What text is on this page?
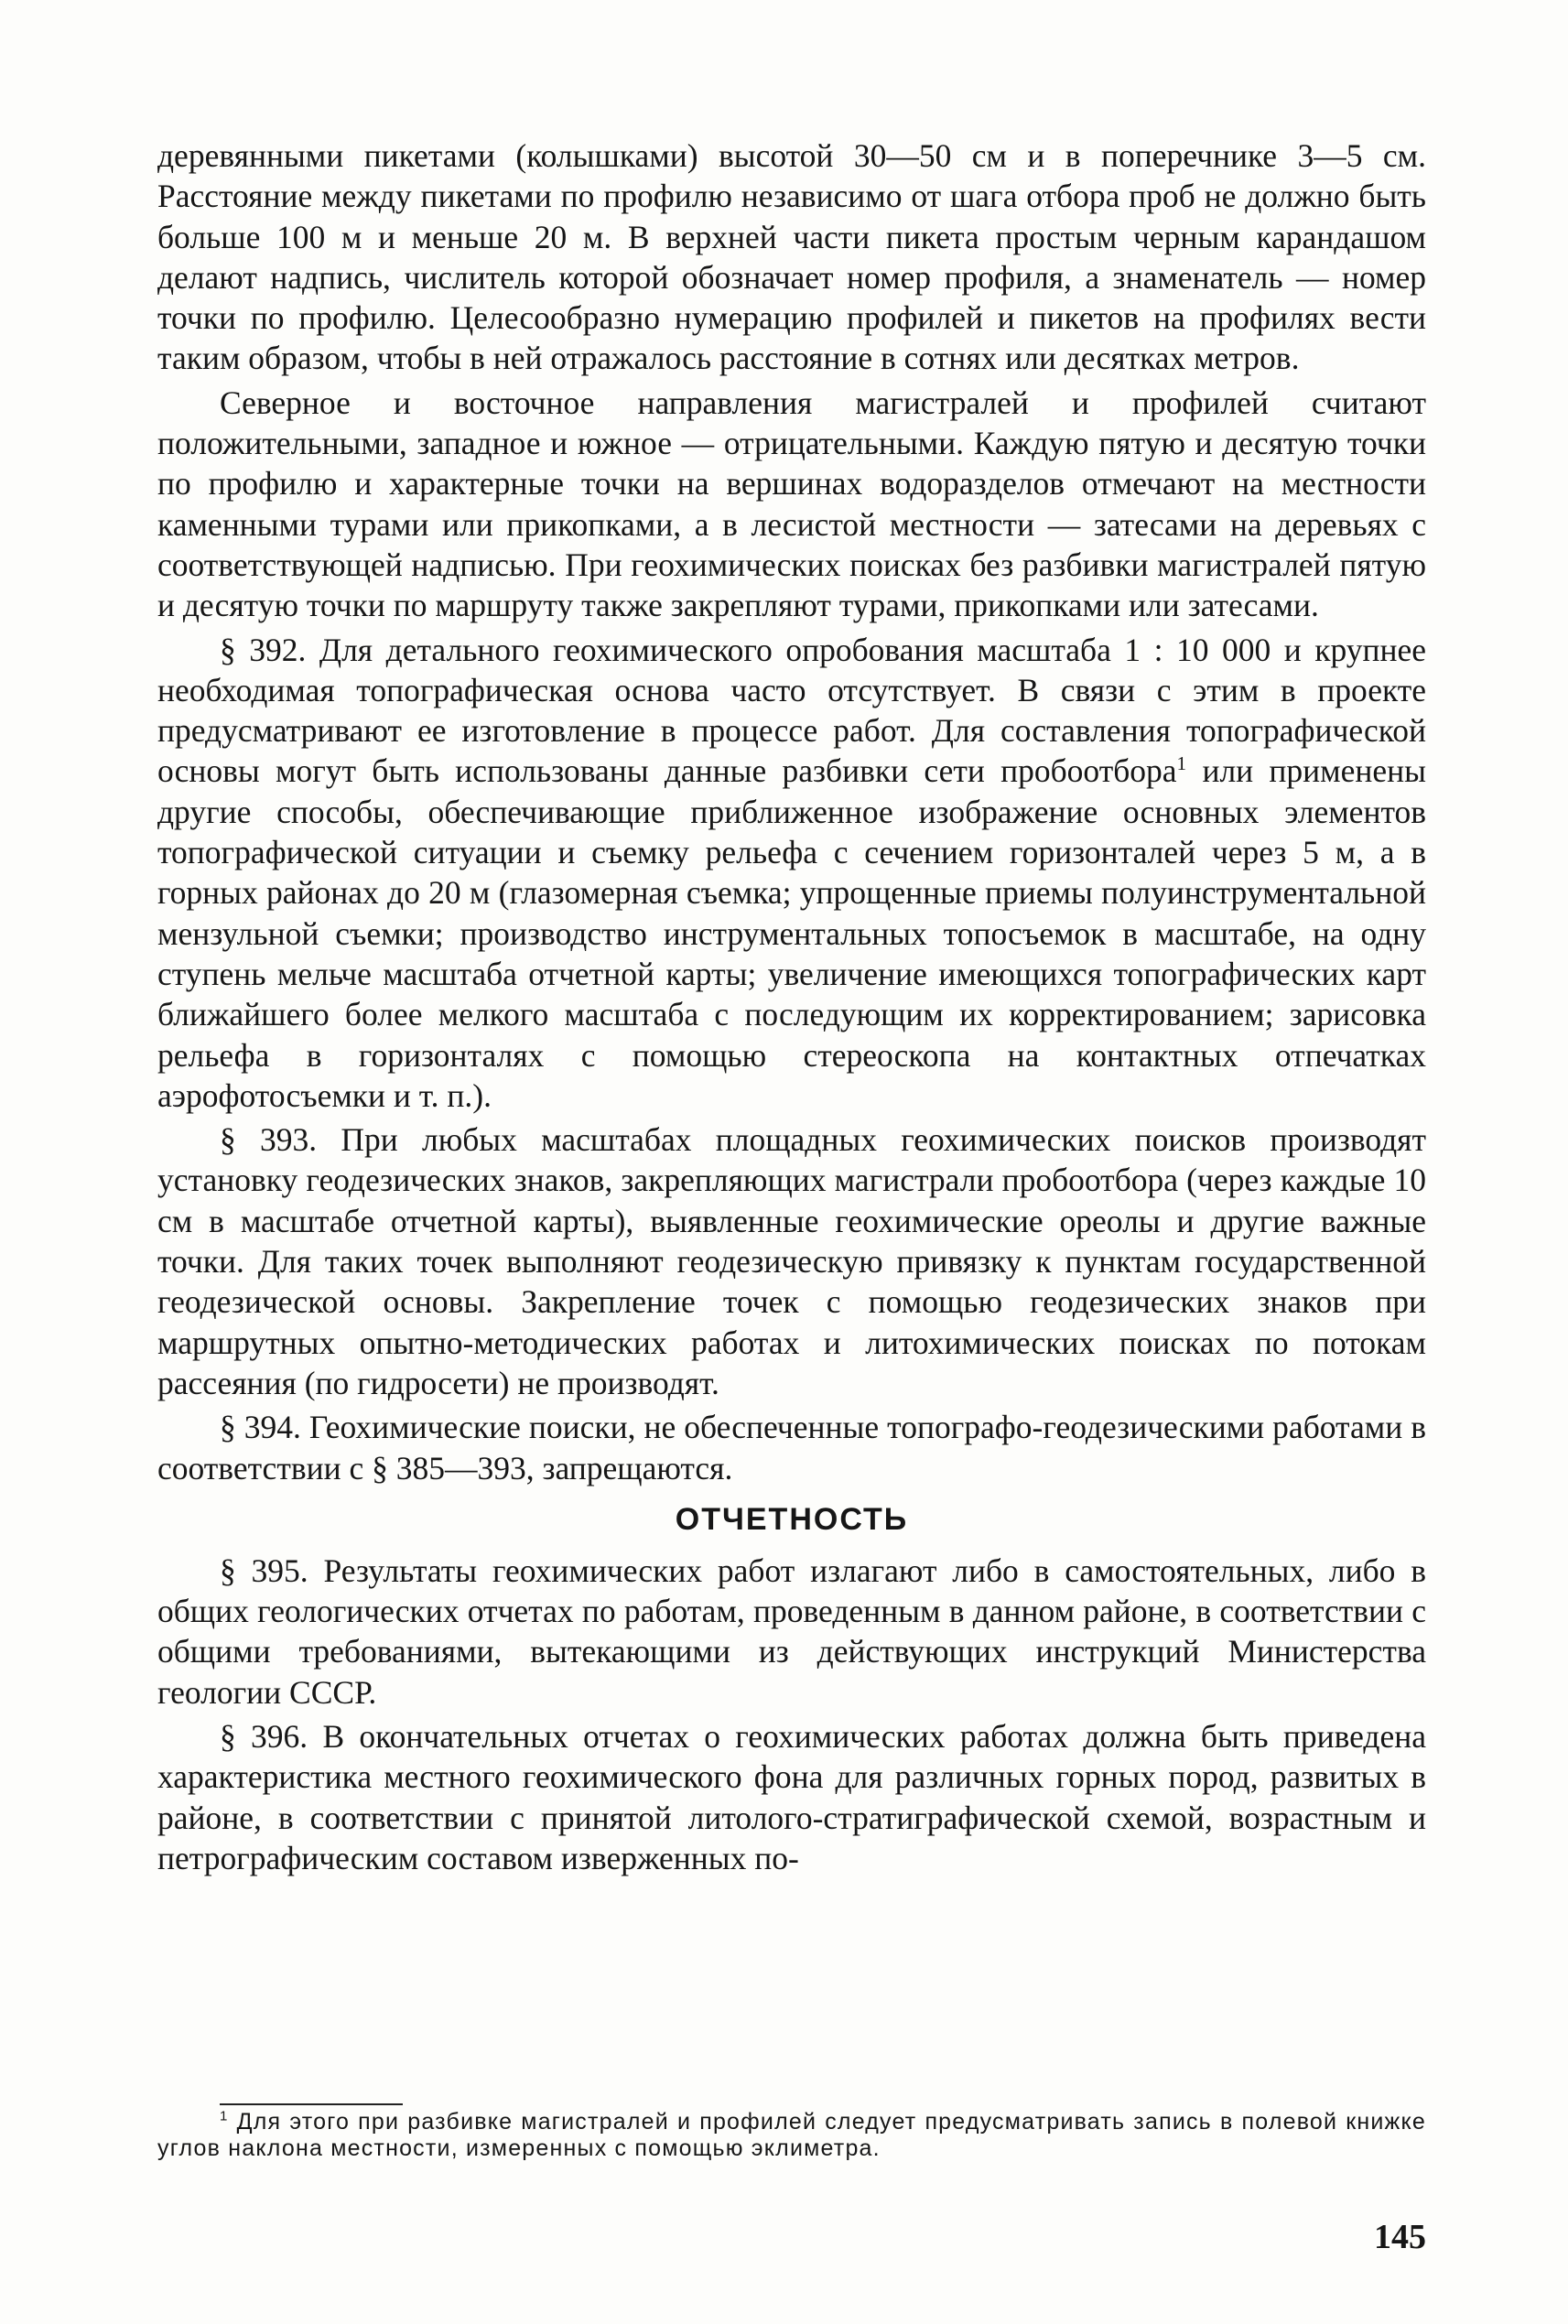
деревянными пикетами (колышками) высотой 30—50 см и в поперечнике 3—5 см. Расстояние между пикетами по профилю независимо от шага отбора проб не должно быть больше 100 м и меньше 20 м. В верхней части пикета простым черным карандашом делают надпись, числитель которой обозначает номер профиля, а знаменатель — номер точки по профилю. Целесообразно нумерацию профилей и пикетов на профилях вести таким образом, чтобы в ней отражалось расстояние в сотнях или десятках метров.

Северное и восточное направления магистралей и профилей считают положительными, западное и южное — отрицательными. Каждую пятую и десятую точки по профилю и характерные точки на вершинах водоразделов отмечают на местности каменными турами или прикопками, а в лесистой местности — затесами на деревьях с соответствующей надписью. При геохимических поисках без разбивки магистралей пятую и десятую точки по маршруту также закрепляют турами, прикопками или затесами.

§ 392. Для детального геохимического опробования масштаба 1 : 10 000 и крупнее необходимая топографическая основа часто отсутствует. В связи с этим в проекте предусматривают ее изготовление в процессе работ. Для составления топографической основы могут быть использованы данные разбивки сети пробоотбора$^1$ или применены другие способы, обеспечивающие приближенное изображение основных элементов топографической ситуации и съемку рельефа с сечением горизонталей через 5 м, а в горных районах до 20 м (глазомерная съемка; упрощенные приемы полуинструментальной мензульной съемки; производство инструментальных топосъемок в масштабе, на одну ступень мельче масштаба отчетной карты; увеличение имеющихся топографических карт ближайшего более мелкого масштаба с последующим их корректированием; зарисовка рельефа в горизонталях с помощью стереоскопа на контактных отпечатках аэрофотосъемки и т. п.).

§ 393. При любых масштабах площадных геохимических поисков производят установку геодезических знаков, закрепляющих магистрали пробоотбора (через каждые 10 см в масштабе отчетной карты), выявленные геохимические ореолы и другие важные точки. Для таких точек выполняют геодезическую привязку к пунктам государственной геодезической основы. Закрепление точек с помощью геодезических знаков при маршрутных опытно-методических работах и литохимических поисках по потокам рассеяния (по гидросети) не производят.

§ 394. Геохимические поиски, не обеспеченные топографо-геодезическими работами в соответствии с § 385—393, запрещаются.

ОТЧЕТНОСТЬ

§ 395. Результаты геохимических работ излагают либо в самостоятельных, либо в общих геологических отчетах по работам, проведенным в данном районе, в соответствии с общими требованиями, вытекающими из действующих инструкций Министерства геологии СССР.

§ 396. В окончательных отчетах о геохимических работах должна быть приведена характеристика местного геохимического фона для различных горных пород, развитых в районе, в соответствии с принятой литолого-стратиграфической схемой, возрастным и петрографическим составом изверженных по-

$^1$ Для этого при разбивке магистралей и профилей следует предусматривать запись в полевой книжке углов наклона местности, измеренных с помощью эклиметра.
145
